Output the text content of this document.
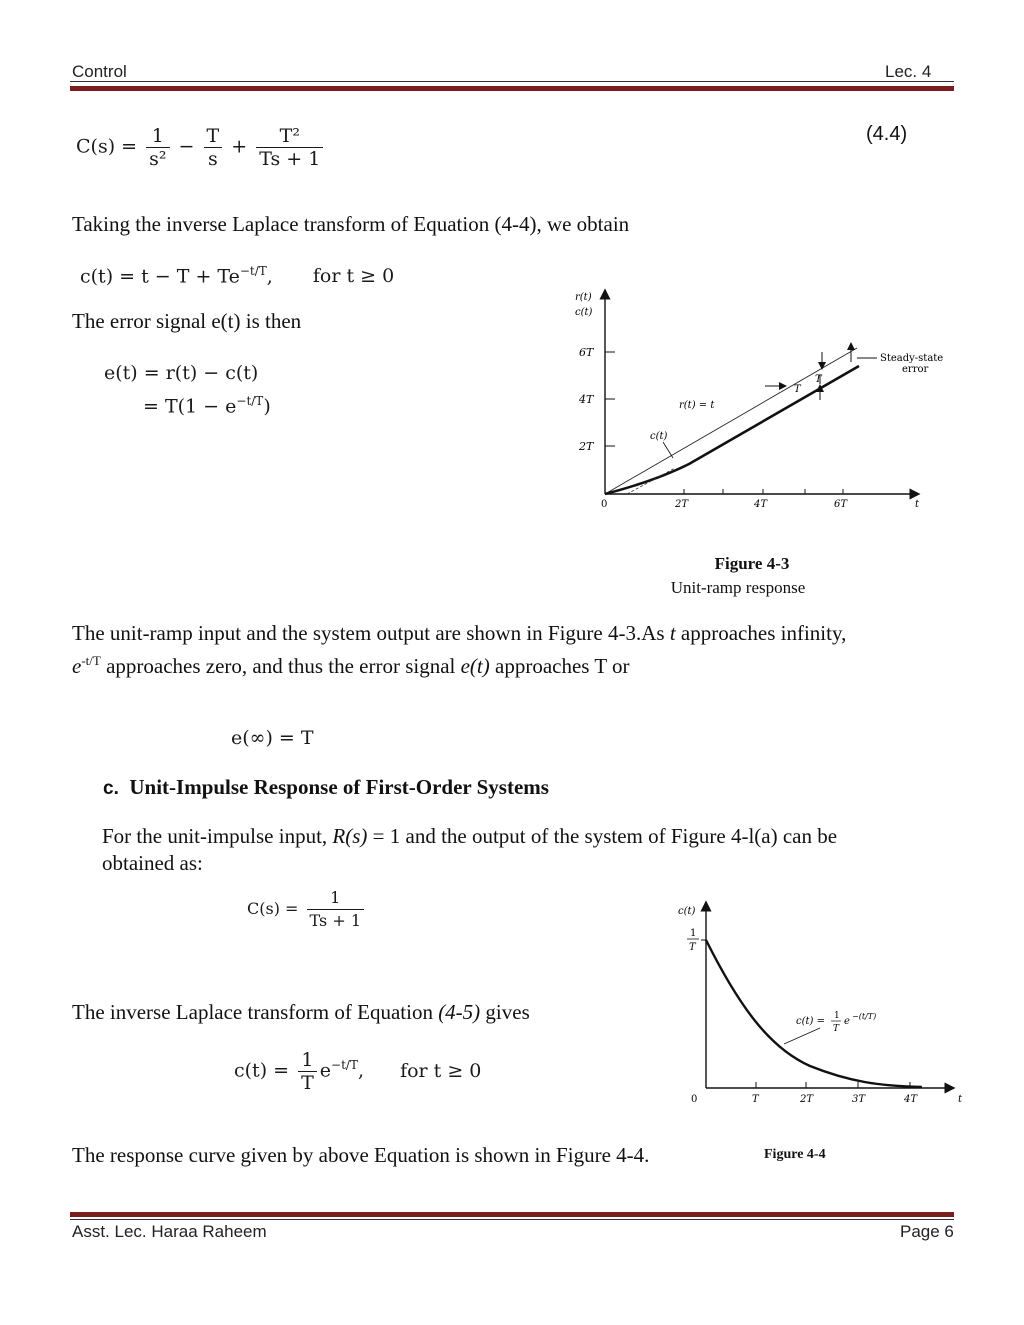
Control	Lec. 4
(4.4)
$C(s) = \frac{1}{\text{s²}} - \frac{T}{s} + \frac{\text{T²}}{Ts + 1}$
Taking the inverse Laplace transform of Equation (4-4), we obtain
$c(t) = t - T + Te^{-t/T}$, for t ≥ 0
The error signal e(t) is then
e(t) = r(t) − c(t)
= $T(1 - e^{-t/T})$
r(t)
c(t)
6T
4T
2T
0	2T	4T	6T	t
Steady-state
error
r(t) = t
c(t)
T
T
Figure 4-3
Unit-ramp response
The unit-ramp input and the system output are shown in Figure 4-3.As t approaches infinity,
$e^{-t/T}$ approaches zero, and thus the error signal e(t) approaches T or
e(∞) = T
c. Unit-Impulse Response of First-Order Systems
For the unit-impulse input, R(s) = 1 and the output of the system of Figure 4-l(a) can be
obtained as:
$C(s) = \frac{1}{Ts + 1}$
The inverse Laplace transform of Equation (4-5) gives
$c(t) = \frac{1}{T} e^{-t/T}$, for t ≥ 0
c(t)
1
T
0	T	2T	3T	4T	t
c(t) = 1
T
e −(t/T)
The response curve given by above Equation is shown in Figure 4-4.	Figure 4-4
Asst. Lec. Haraa Raheem	Page 6
